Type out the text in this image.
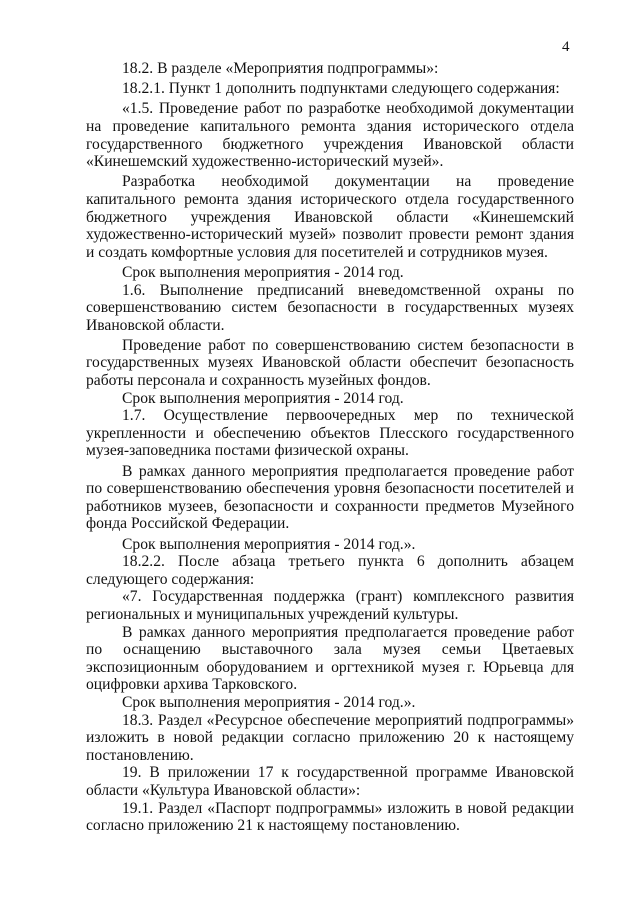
4

18.2. В разделе «Мероприятия подпрограммы»:

18.2.1. Пункт 1 дополнить подпунктами следующего содержания:

«1.5. Проведение работ по разработке необходимой документации на проведение капитального ремонта здания исторического отдела государственного бюджетного учреждения Ивановской области «Кинешемский художественно-исторический музей».

Разработка необходимой документации на проведение капитального ремонта здания исторического отдела государственного бюджетного учреждения Ивановской области «Кинешемский художественно-исторический музей» позволит провести ремонт здания и создать комфортные условия для посетителей и сотрудников музея.

Срок выполнения мероприятия - 2014 год.

1.6. Выполнение предписаний вневедомственной охраны по совершенствованию систем безопасности в государственных музеях Ивановской области.

Проведение работ по совершенствованию систем безопасности в государственных музеях Ивановской области обеспечит безопасность работы персонала и сохранность музейных фондов.

Срок выполнения мероприятия - 2014 год.

1.7. Осуществление первоочередных мер по технической укрепленности и обеспечению объектов Плесского государственного музея-заповедника постами физической охраны.

В рамках данного мероприятия предполагается проведение работ по совершенствованию обеспечения уровня безопасности посетителей и работников музеев, безопасности и сохранности предметов Музейного фонда Российской Федерации.

Срок выполнения мероприятия - 2014 год.».

18.2.2. После абзаца третьего пункта 6 дополнить абзацем следующего содержания:

«7. Государственная поддержка (грант) комплексного развития региональных и муниципальных учреждений культуры.

В рамках данного мероприятия предполагается проведение работ по оснащению выставочного зала музея семьи Цветаевых экспозиционным оборудованием и оргтехникой музея г. Юрьевца для оцифровки архива Тарковского.

Срок выполнения мероприятия - 2014 год.».

18.3. Раздел «Ресурсное обеспечение мероприятий подпрограммы» изложить в новой редакции согласно приложению 20 к настоящему постановлению.

19. В приложении 17 к государственной программе Ивановской области «Культура Ивановской области»:

19.1. Раздел «Паспорт подпрограммы» изложить в новой редакции согласно приложению 21 к настоящему постановлению.
